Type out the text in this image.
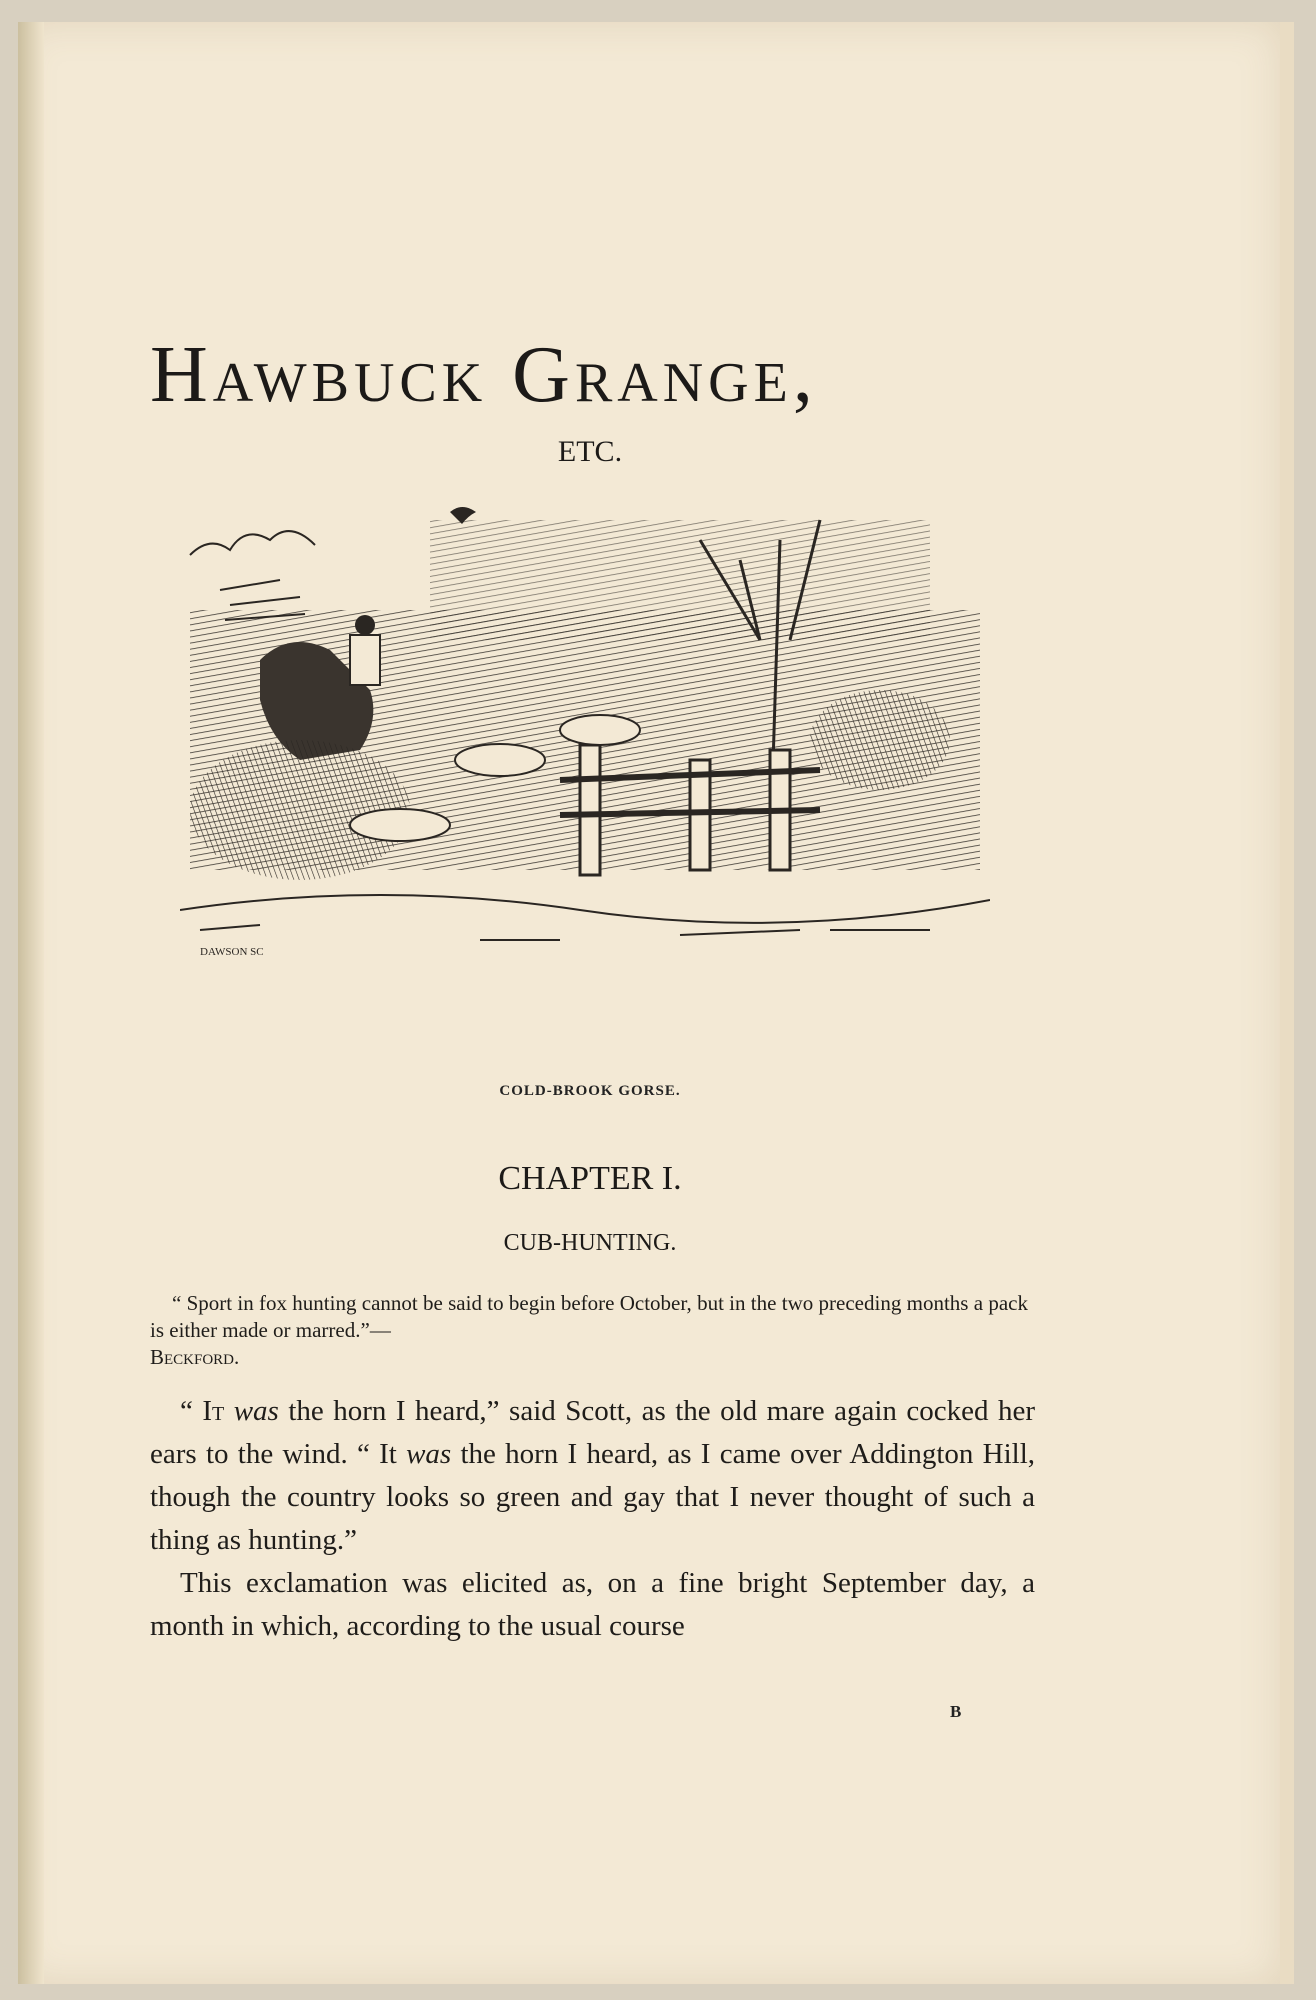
Hawbuck Grange,
ETC.
DAWSON SC
COLD-BROOK GORSE.
CHAPTER I.
CUB-HUNTING.
“ Sport in fox hunting cannot be said to begin before October, but in the two preceding months a pack is either made or marred.”—
Beckford.

“ It was the horn I heard,” said Scott, as the old mare again cocked her ears to the wind. “ It was the horn I heard, as I came over Addington Hill, though the country looks so green and gay that I never thought of such a thing as hunting.”

This exclamation was elicited as, on a fine bright September day, a month in which, according to the usual course

B
